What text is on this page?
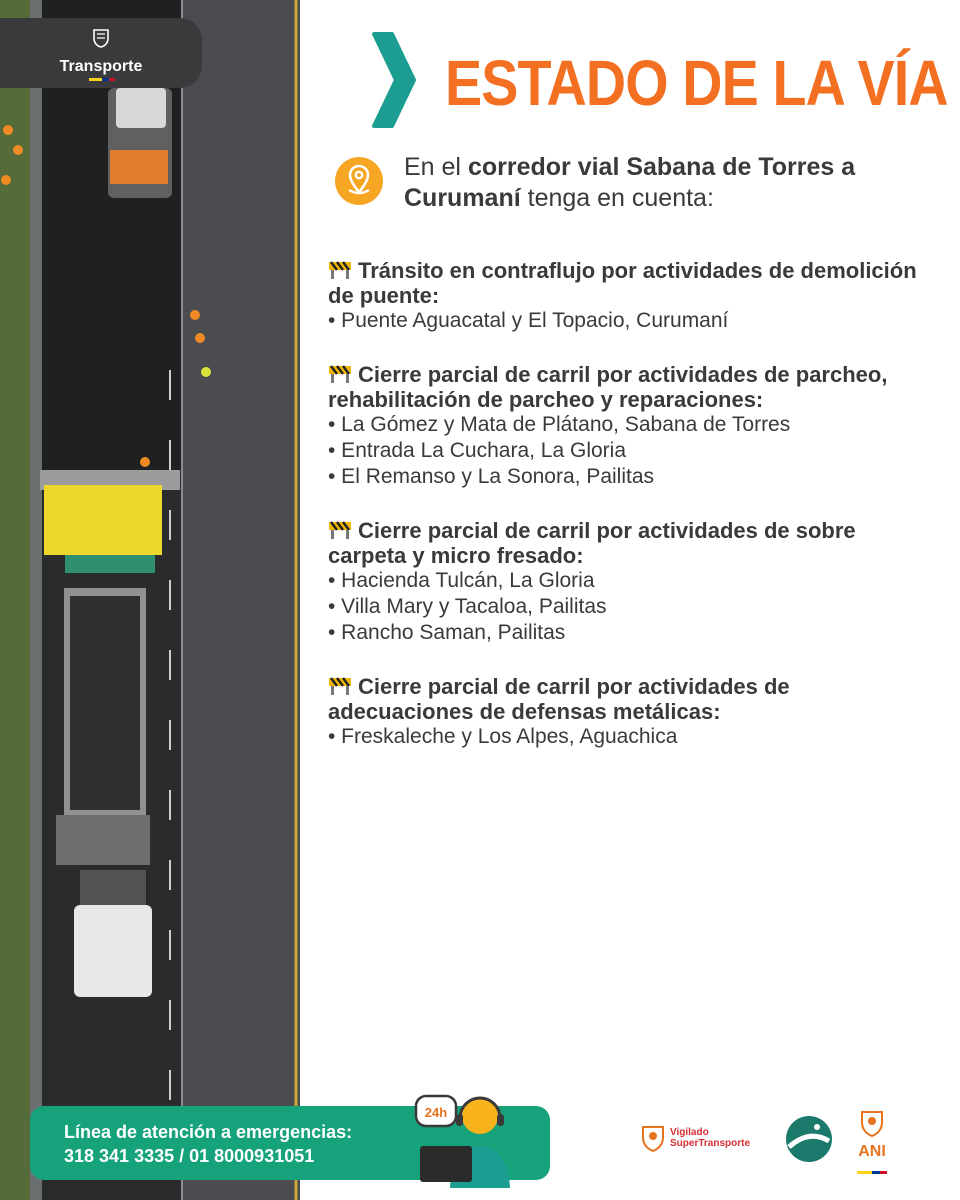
Transporte	ESTADO DE LA VÍA
En el corredor vial Sabana de Torres a Curumaní tenga en cuenta:

Tránsito en contraflujo por actividades de demolición de puente:

• Puente Aguacatal y El Topacio, Curumaní

Cierre parcial de carril por actividades de parcheo, rehabilitación de parcheo y reparaciones:

• La Gómez y Mata de Plátano, Sabana de Torres

• Entrada La Cuchara, La Gloria

• El Remanso y La Sonora, Pailitas

Cierre parcial de carril por actividades de sobre carpeta y micro fresado:

• Hacienda Tulcán, La Gloria

• Villa Mary y Tacaloa, Pailitas

• Rancho Saman, Pailitas

Cierre parcial de carril por actividades de adecuaciones de defensas metálicas:

• Freskaleche y Los Alpes, Aguachica

Línea de atención a emergencias:
318 341 3335 / 01 8000931051
24h
Vigilado
SuperTransporte	ANI
